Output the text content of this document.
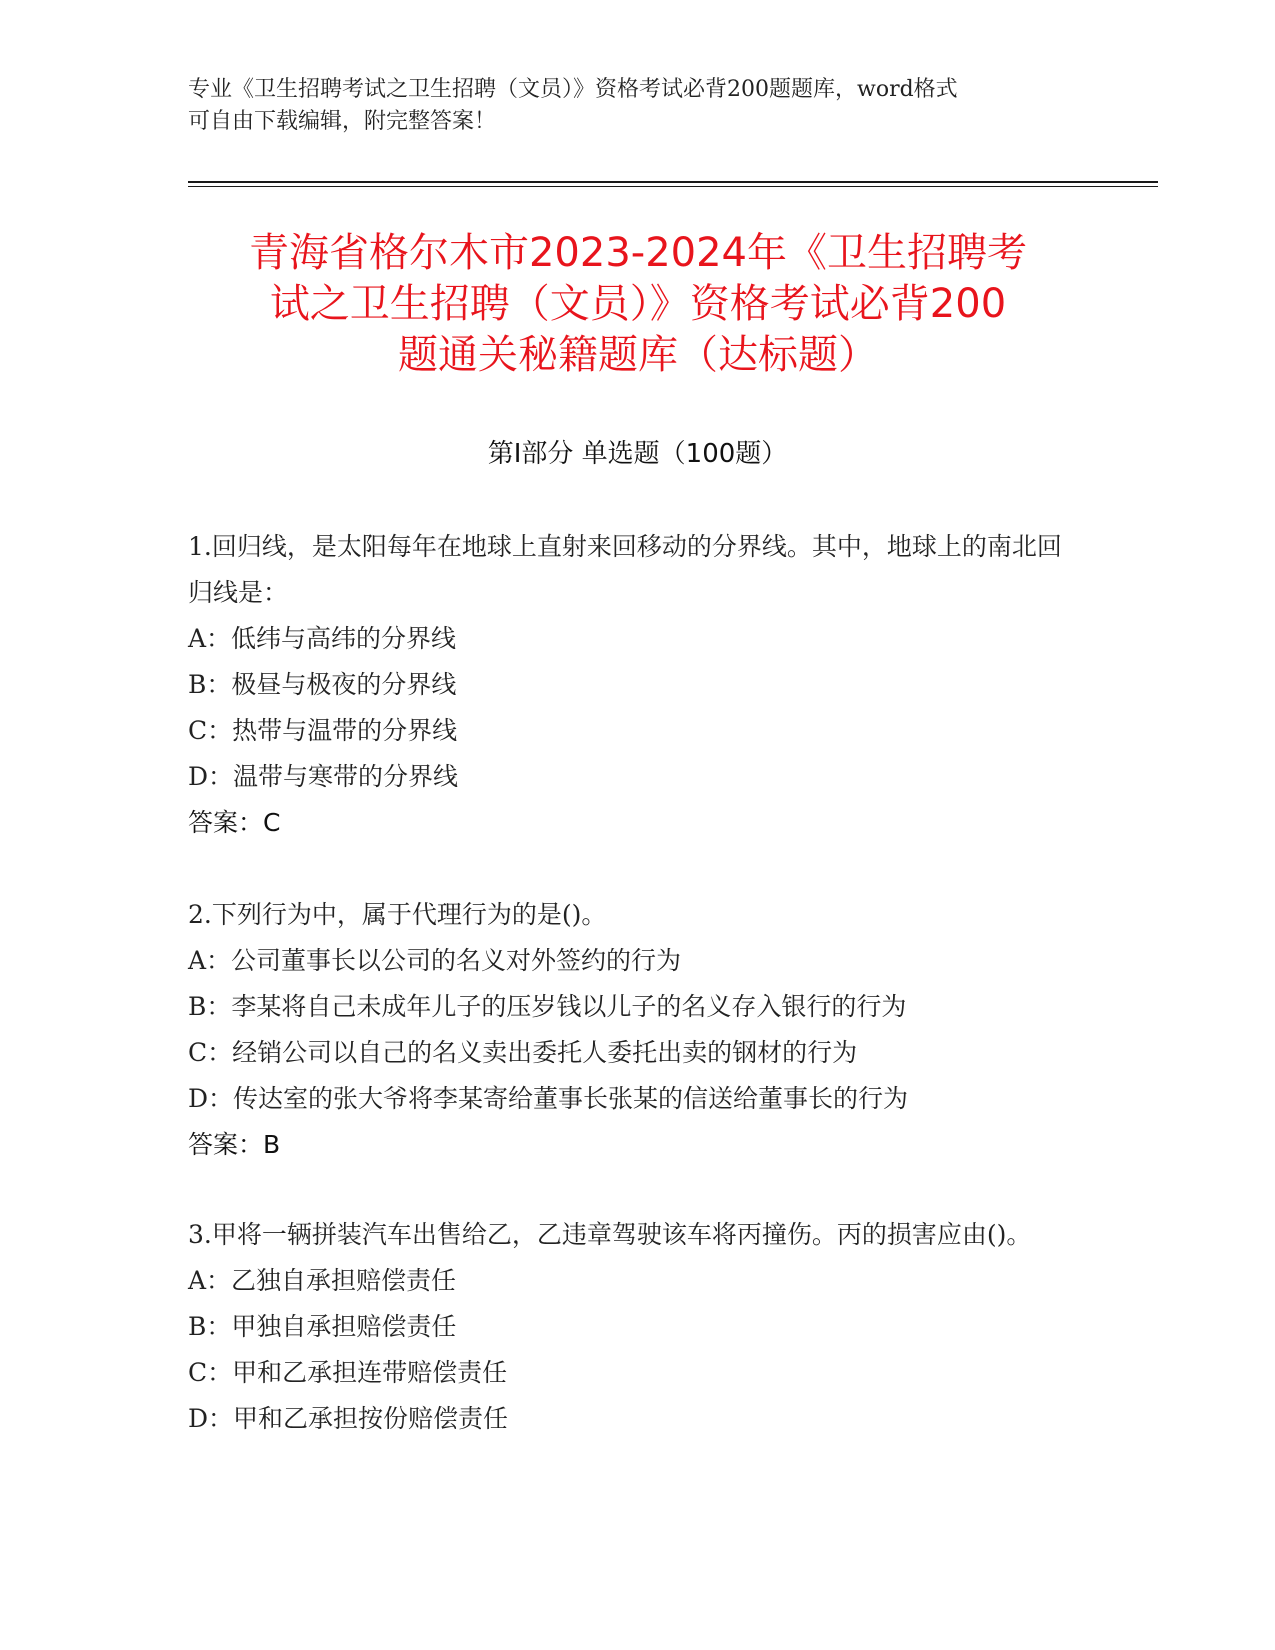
专业《卫生招聘考试之卫生招聘（文员）》资格考试必背200题题库，word格式
可自由下载编辑，附完整答案！
青海省格尔木市2023-2024年《卫生招聘考
试之卫生招聘（文员）》资格考试必背200
题通关秘籍题库（达标题）
第Ⅰ部分 单选题（100题）
1.回归线，是太阳每年在地球上直射来回移动的分界线。其中，地球上的南北回归线是：
A：低纬与高纬的分界线
B：极昼与极夜的分界线
C：热带与温带的分界线
D：温带与寒带的分界线
答案：C
2.下列行为中，属于代理行为的是()。
A：公司董事长以公司的名义对外签约的行为
B：李某将自己未成年儿子的压岁钱以儿子的名义存入银行的行为
C：经销公司以自己的名义卖出委托人委托出卖的钢材的行为
D：传达室的张大爷将李某寄给董事长张某的信送给董事长的行为
答案：B
3.甲将一辆拼装汽车出售给乙，乙违章驾驶该车将丙撞伤。丙的损害应由()。
A：乙独自承担赔偿责任
B：甲独自承担赔偿责任
C：甲和乙承担连带赔偿责任
D：甲和乙承担按份赔偿责任
